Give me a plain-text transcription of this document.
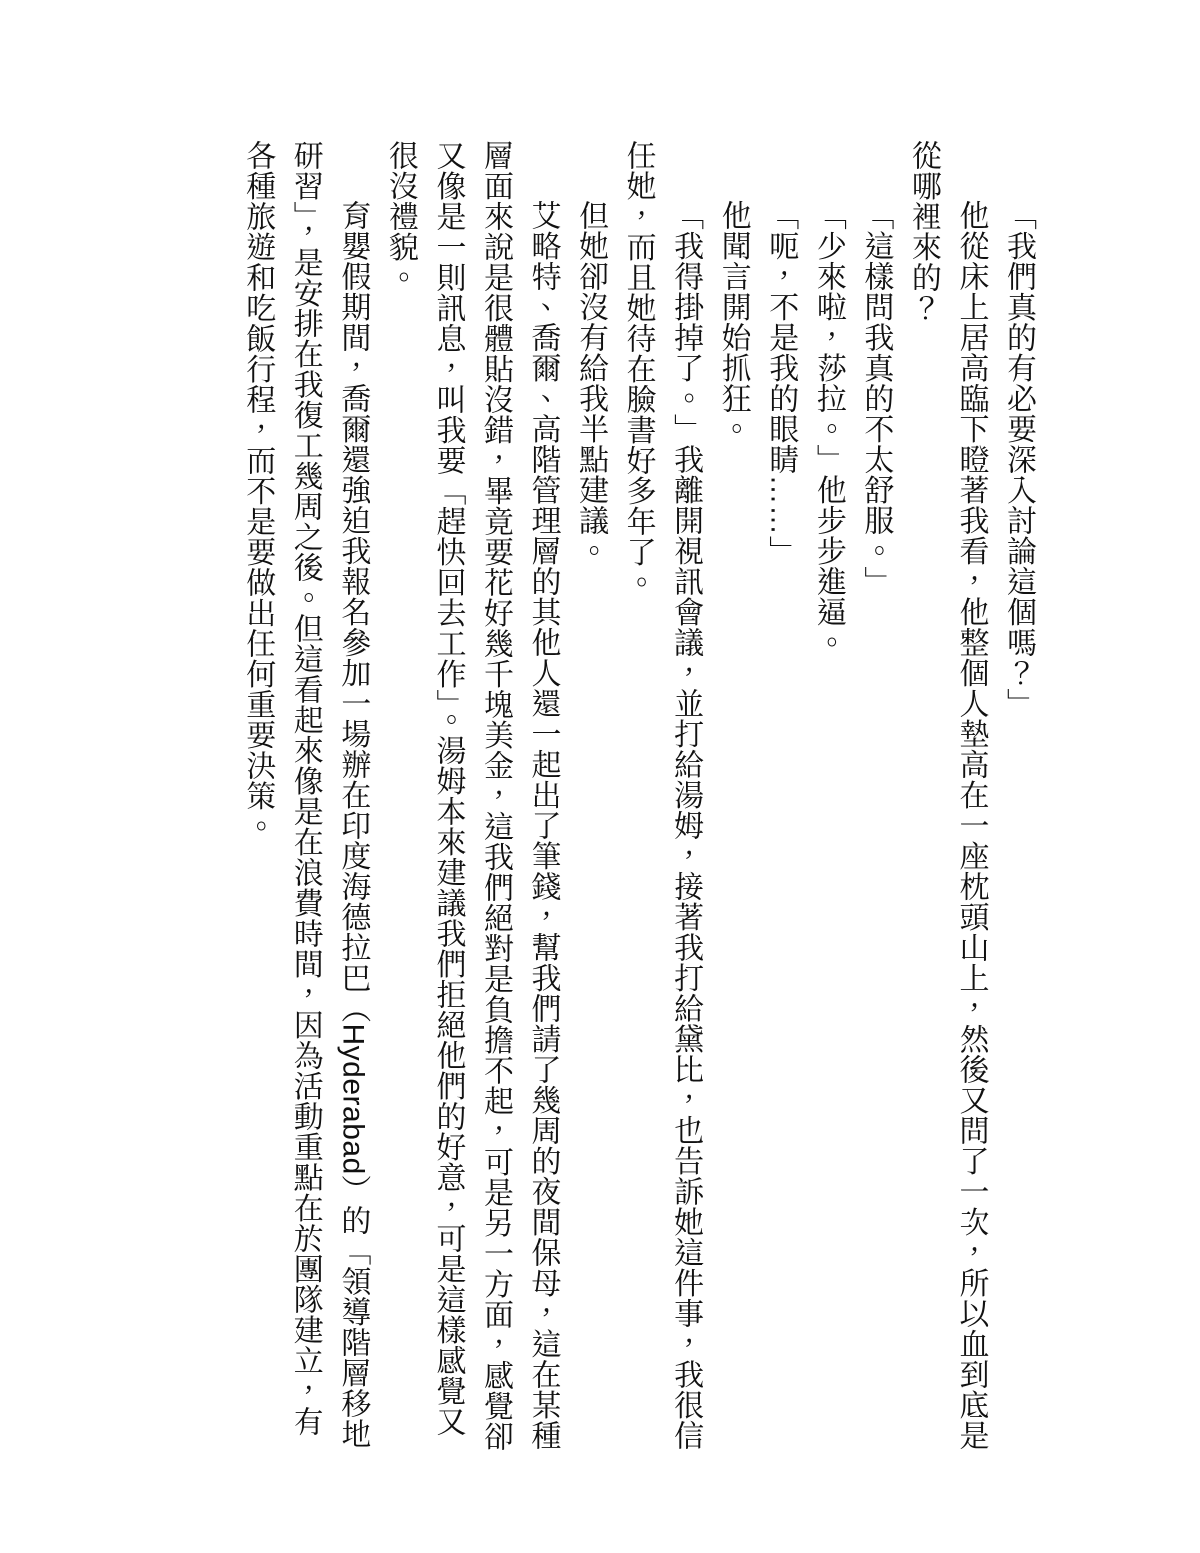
「我們真的有必要深入討論這個嗎？」

他從床上居高臨下瞪著我看，他整個人墊高在一座枕頭山上，然後又問了一次，所以血到底是從哪裡來的？

「這樣問我真的不太舒服。」

「少來啦，莎拉。」他步步進逼。

「呃，不是我的眼睛……」

他聞言開始抓狂。

「我得掛掉了。」我離開視訊會議，並打給湯姆，接著我打給黛比，也告訴她這件事，我很信任她，而且她待在臉書好多年了。

但她卻沒有給我半點建議。

艾略特、喬爾、高階管理層的其他人還一起出了筆錢，幫我們請了幾周的夜間保母，這在某種層面來說是很體貼沒錯，畢竟要花好幾千塊美金，這我們絕對是負擔不起，可是另一方面，感覺卻又像是一則訊息，叫我要「趕快回去工作」。湯姆本來建議我們拒絕他們的好意，可是這樣感覺又很沒禮貌。

育嬰假期間，喬爾還強迫我報名參加一場辦在印度海德拉巴（Hyderabad）的「領導階層移地研習」，是安排在我復工幾周之後。但這看起來像是在浪費時間，因為活動重點在於團隊建立，有各種旅遊和吃飯行程，而不是要做出任何重要決策。
